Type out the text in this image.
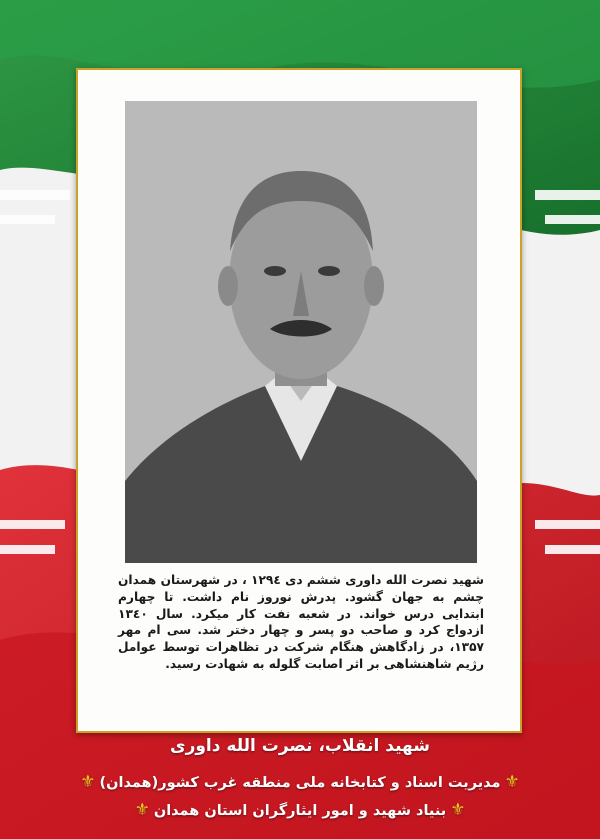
شهید نصرت الله داوری ششم دی ۱۲۹٤ ، در شهرستان همدان چشم به جهان گشود. پدرش نوروز نام داشت. تا چهارم ابتدایی درس خواند. در شعبه نفت کار میکرد. سال ۱۳٤۰ ازدواج کرد و صاحب دو پسر و چهار دختر شد. سی ام مهر ۱۳۵۷، در زادگاهش هنگام شرکت در تظاهرات توسط عوامل رژیم شاهنشاهی بر اثر اصابت گلوله به شهادت رسید.
شهید انقلاب، نصرت الله داوری
⚜مدیریت اسناد و کتابخانه ملی منطقه غرب کشور(همدان)⚜
⚜بنیاد شهید و امور ایثارگران استان همدان⚜
